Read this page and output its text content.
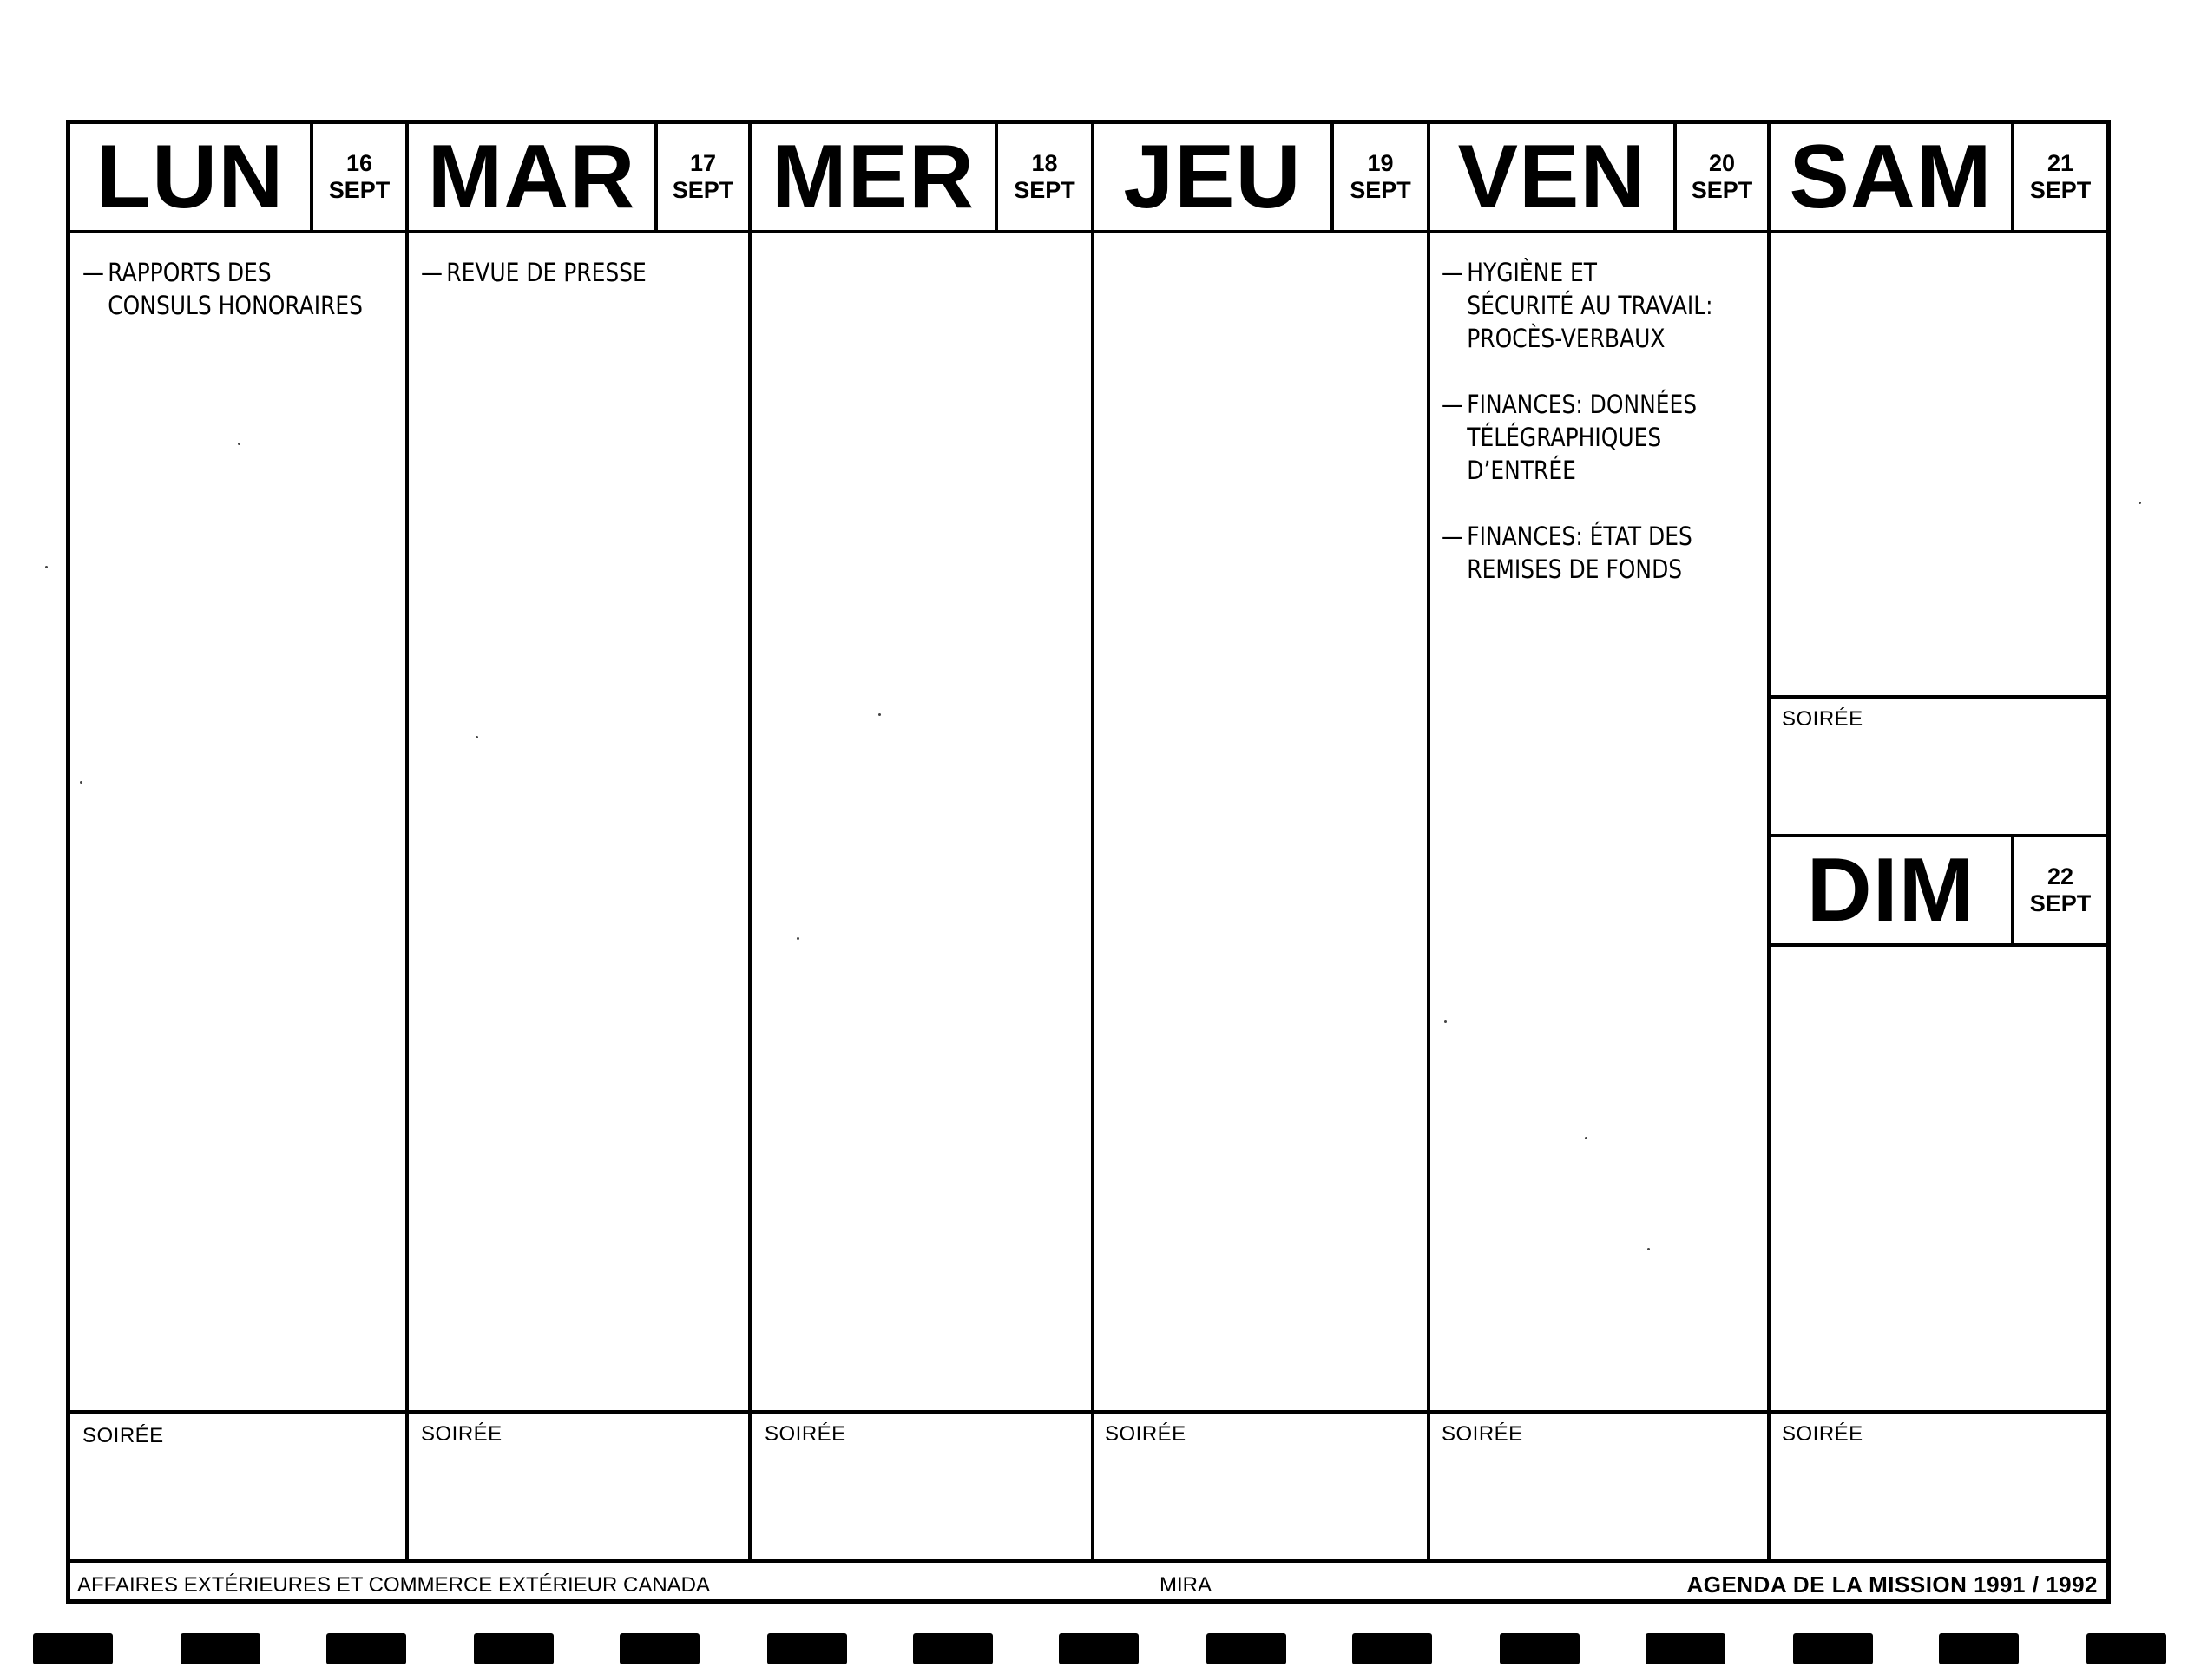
LUN	16
SEPT
— RAPPORTS DES
CONSULS HONORAIRES
SOIRÉE
MAR	17
SEPT
— REVUE DE PRESSE
SOIRÉE
MER	18
SEPT
SOIRÉE
JEU	19
SEPT
SOIRÉE
VEN	20
SEPT
— HYGIÈNE ET
SÉCURITÉ AU TRAVAIL:
PROCÈS-VERBAUX
— FINANCES: DONNÉES
TÉLÉGRAPHIQUES
D’ENTRÉE
— FINANCES: ÉTAT DES
REMISES DE FONDS
SOIRÉE
SAM	21
SEPT
SOIRÉE
DIM	22
SEPT
SOIRÉE
AFFAIRES EXTÉRIEURES ET COMMERCE EXTÉRIEUR CANADA	MIRA	AGENDA DE LA MISSION 1991 / 1992
